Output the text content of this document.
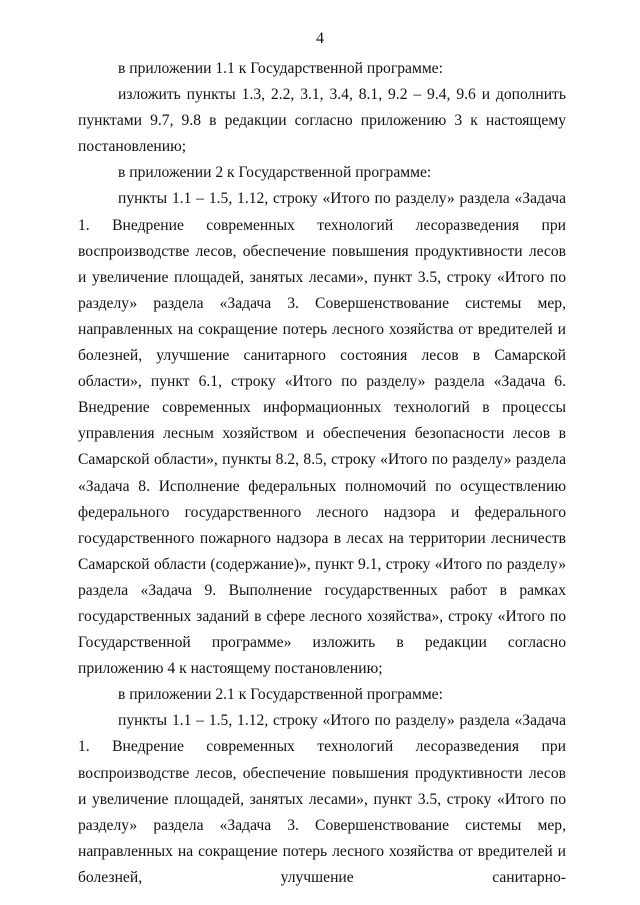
4

в приложении 1.1 к Государственной программе:

изложить пункты 1.3, 2.2, 3.1, 3.4, 8.1, 9.2 – 9.4, 9.6 и дополнить пунктами 9.7, 9.8 в редакции согласно приложению 3 к настоящему постановлению;

в приложении 2 к Государственной программе:

пункты 1.1 – 1.5, 1.12, строку «Итого по разделу» раздела «Задача 1. Внедрение современных технологий лесоразведения при воспроизводстве лесов, обеспечение повышения продуктивности лесов и увеличение площадей, занятых лесами», пункт 3.5, строку «Итого по разделу» раздела «Задача 3. Совершенствование системы мер, направленных на сокращение потерь лесного хозяйства от вредителей и болезней, улучшение санитарного состояния лесов в Самарской области», пункт 6.1, строку «Итого по разделу» раздела «Задача 6. Внедрение современных информационных технологий в процессы управления лесным хозяйством и обеспечения безопасности лесов в Самарской области», пункты 8.2, 8.5, строку «Итого по разделу» раздела «Задача 8. Исполнение федеральных полномочий по осуществлению федерального государственного лесного надзора и федерального государственного пожарного надзора в лесах на территории лесничеств Самарской области (содержание)», пункт 9.1, строку «Итого по разделу» раздела «Задача 9. Выполнение государственных работ в рамках государственных заданий в сфере лесного хозяйства», строку «Итого по Государственной программе» изложить в редакции согласно приложению 4 к настоящему постановлению;

в приложении 2.1 к Государственной программе:

пункты 1.1 – 1.5, 1.12, строку «Итого по разделу» раздела «Задача 1. Внедрение современных технологий лесоразведения при воспроизводстве лесов, обеспечение повышения продуктивности лесов и увеличение площадей, занятых лесами», пункт 3.5, строку «Итого по разделу» раздела «Задача 3. Совершенствование системы мер, направленных на сокращение потерь лесного хозяйства от вредителей и болезней, улучшение санитарно-
